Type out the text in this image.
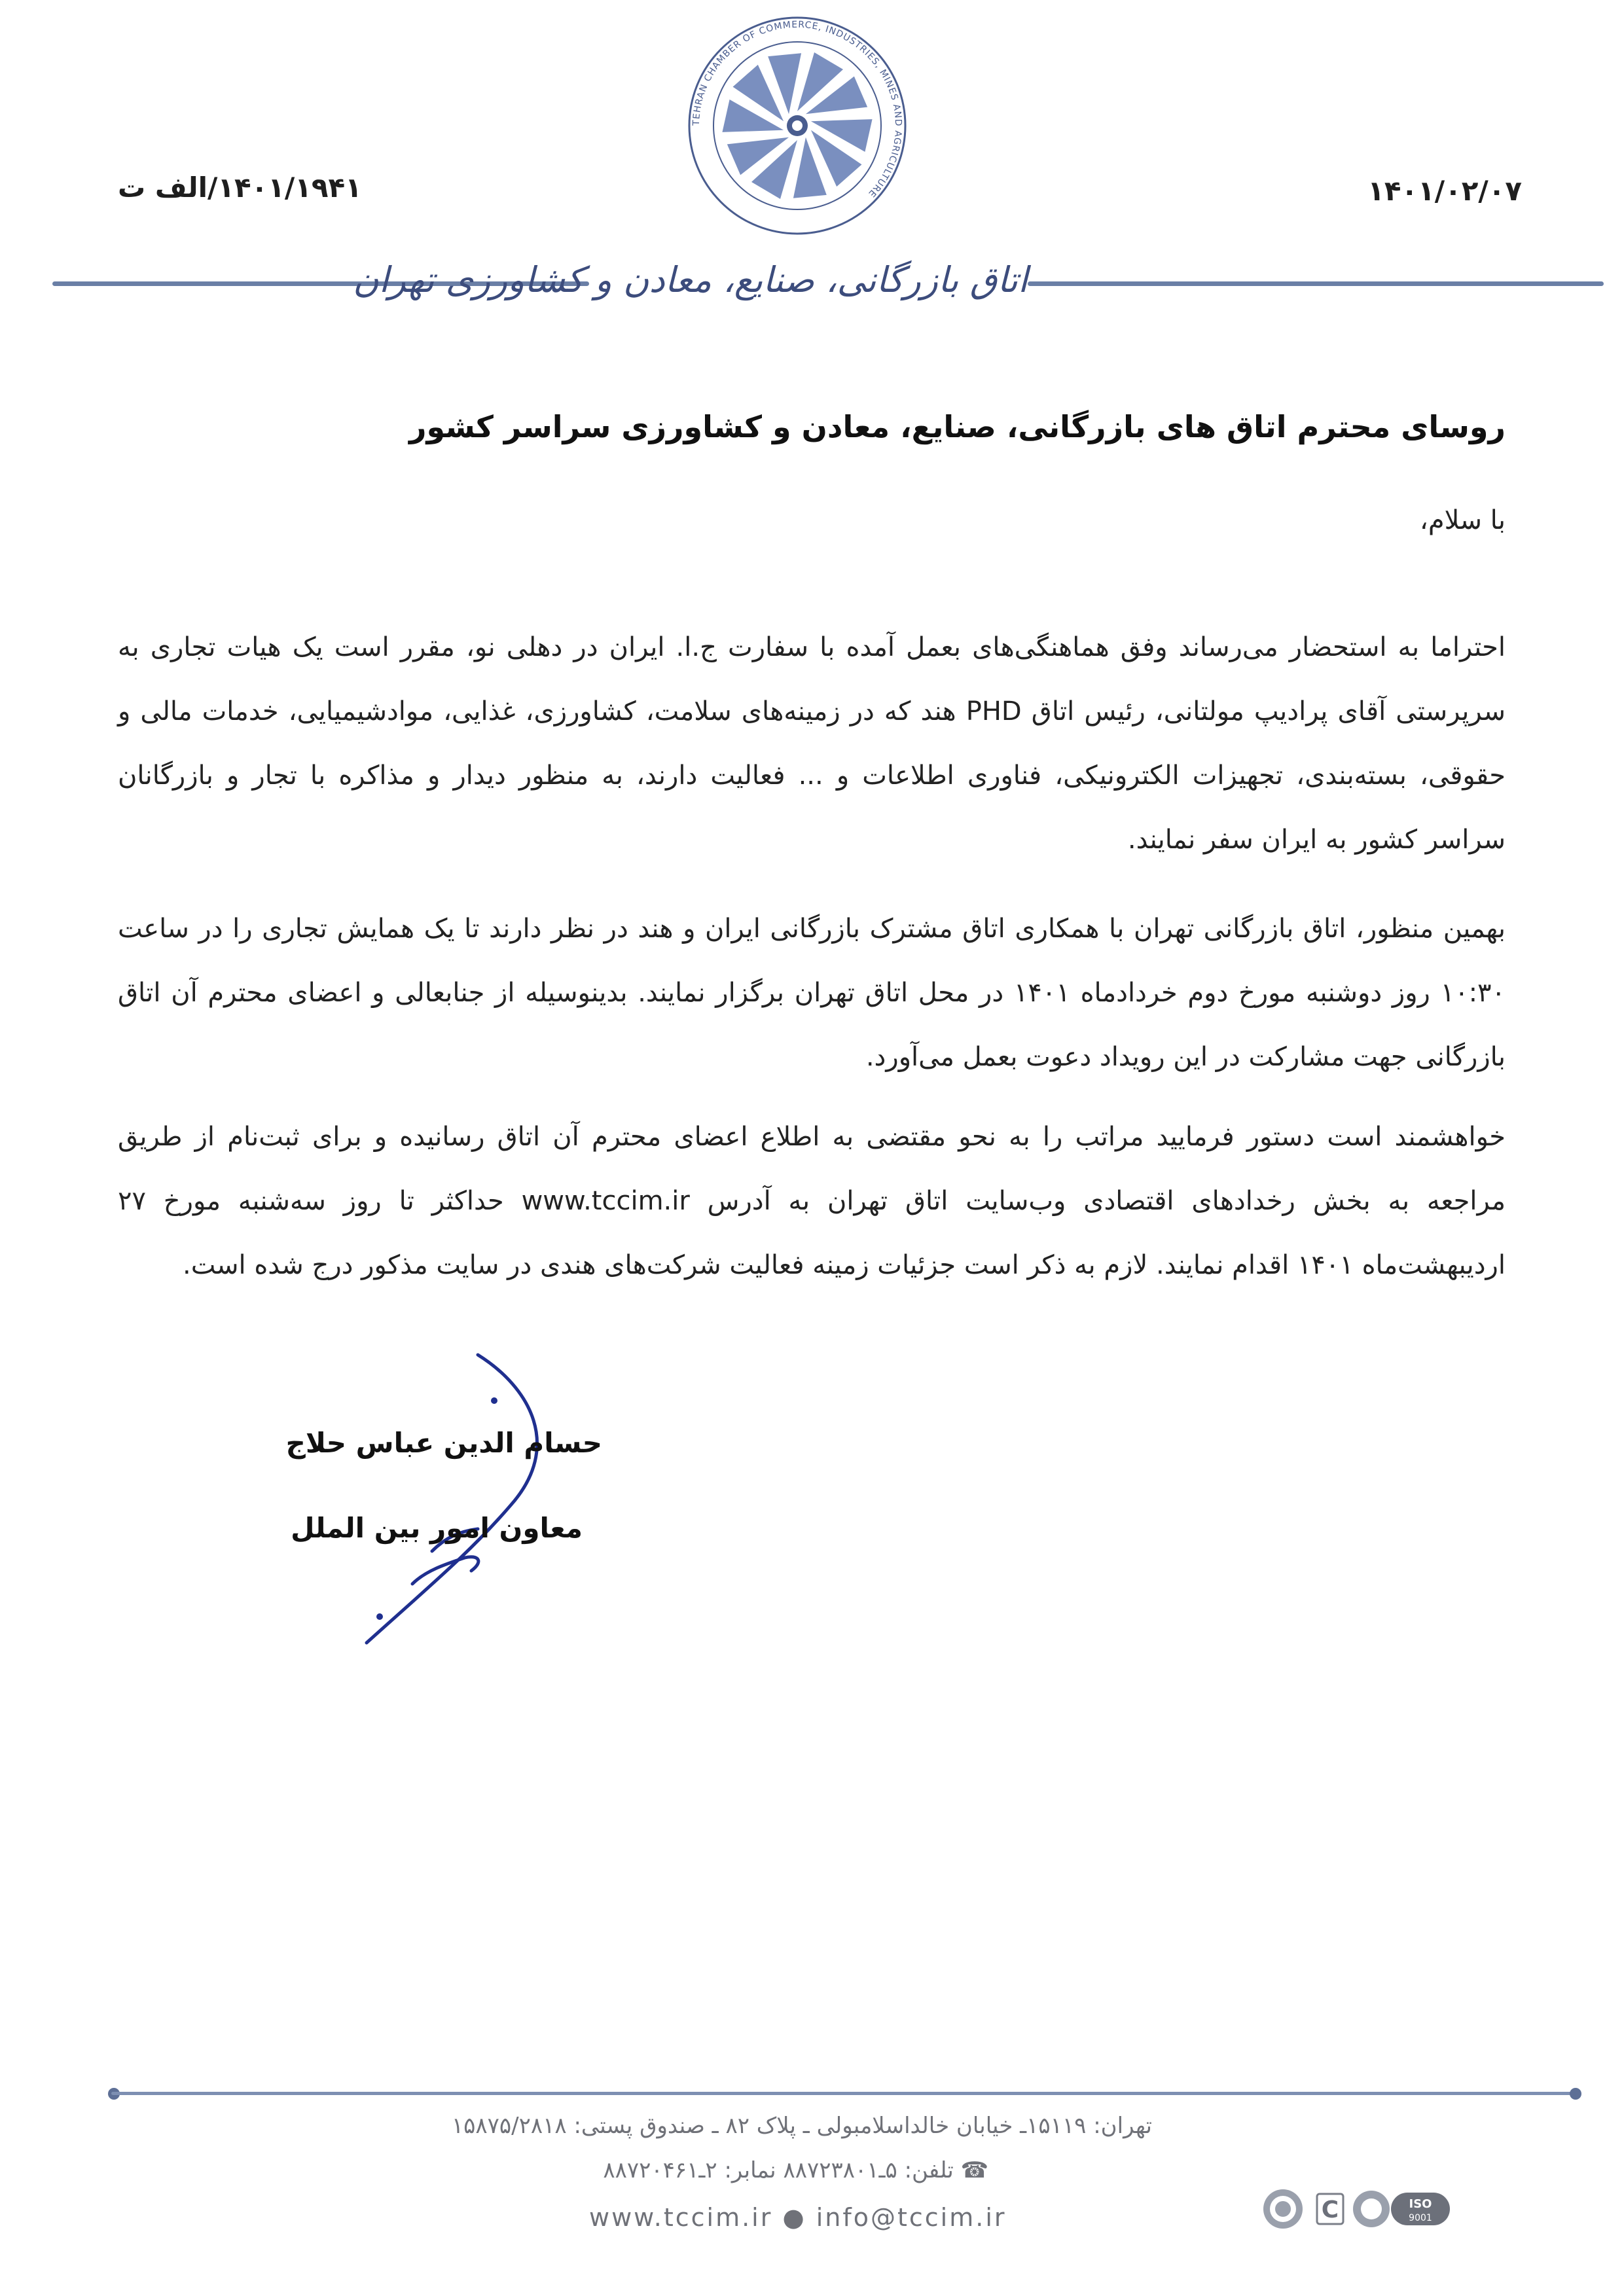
TEHRAN CHAMBER OF COMMERCE, INDUSTRIES, MINES AND AGRICULTURE
۱۴۰۱/۱۹۴۱/الف ت	۱۴۰۱/۰۲/۰۷
اتاق بازرگانی، صنایع، معادن و کشاورزی تهران
روسای محترم اتاق های بازرگانی، صنایع، معادن و کشاورزی سراسر کشور
با سلام،

احتراما به استحضار می‌رساند وفق هماهنگی‌های بعمل آمده با سفارت ج.ا. ایران در دهلی نو، مقرر است یک هیات تجاری به سرپرستی آقای پرادیپ مولتانی، رئیس اتاق PHD هند که در زمینه‌های سلامت، کشاورزی، غذایی، موادشیمیایی، خدمات مالی و حقوقی، بسته‌بندی، تجهیزات الکترونیکی، فناوری اطلاعات و ... فعالیت دارند، به منظور دیدار و مذاکره با تجار و بازرگانان سراسر کشور به ایران سفر نمایند.

بهمین منظور، اتاق بازرگانی تهران با همکاری اتاق مشترک بازرگانی ایران و هند در نظر دارند تا یک همایش تجاری را در ساعت ۱۰:۳۰ روز دوشنبه مورخ دوم خردادماه ۱۴۰۱ در محل اتاق تهران برگزار نمایند. بدینوسیله از جنابعالی و اعضای محترم آن اتاق بازرگانی جهت مشارکت در این رویداد دعوت بعمل می‌آورد.

خواهشمند است دستور فرمایید مراتب را به نحو مقتضی به اطلاع اعضای محترم آن اتاق رسانیده و برای ثبت‌نام از طریق مراجعه به بخش رخدادهای اقتصادی وب‌سایت اتاق تهران به آدرس www.tccim.ir حداکثر تا روز سه‌شنبه مورخ ۲۷ اردیبهشت‌ماه ۱۴۰۱ اقدام نمایند. لازم به ذکر است جزئیات زمینه فعالیت شرکت‌های هندی در سایت مذکور درج شده است.

حسام الدین عباس حلاج
معاون امور بین الملل
تهران: ۱۵۱۱۹ـ خیابان خالداسلامبولی ـ پلاک ۸۲ ـ صندوق پستی: ۱۵۸۷۵/۲۸۱۸
☎ تلفن: ۵ـ۸۸۷۲۳۸۰۱ نمابر: ۲ـ۸۸۷۲۰۴۶۱
www.tccim.ir ● info@tccim.ir	C	ISO
9001
